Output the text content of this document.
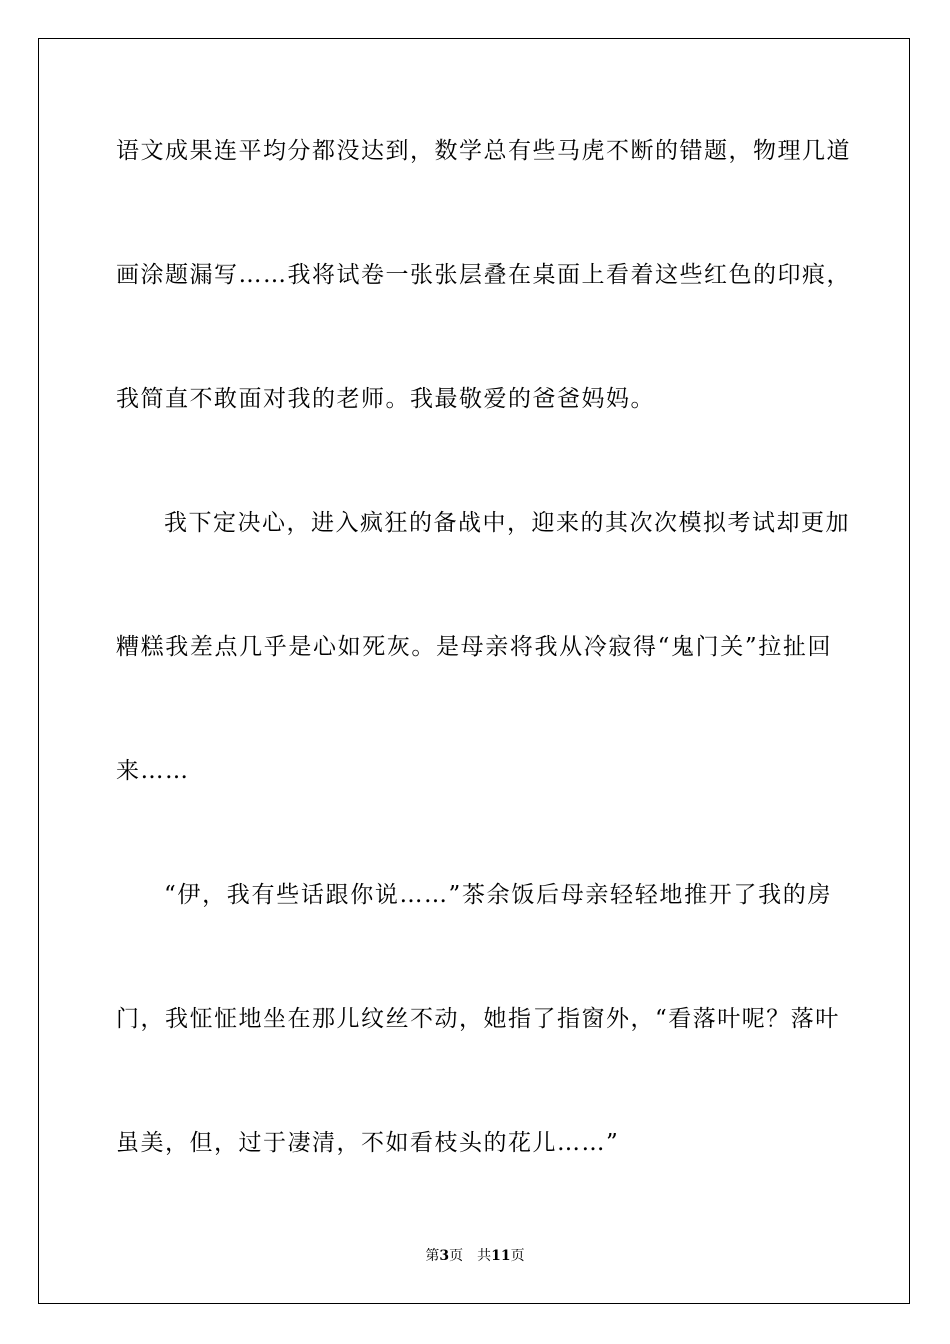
语文成果连平均分都没达到，数学总有些马虎不断的错题，物理几道
画涂题漏写……我将试卷一张张层叠在桌面上看着这些红色的印痕，
我简直不敢面对我的老师。我最敬爱的爸爸妈妈。
我下定决心，进入疯狂的备战中，迎来的其次次模拟考试却更加
糟糕我差点几乎是心如死灰。是母亲将我从冷寂得“鬼门关”拉扯回
来……
“伊，我有些话跟你说……”茶余饭后母亲轻轻地推开了我的房
门，我怔怔地坐在那儿纹丝不动，她指了指窗外，“看落叶呢？落叶
虽美，但，过于凄清，不如看枝头的花儿……”
第3页 共11页
